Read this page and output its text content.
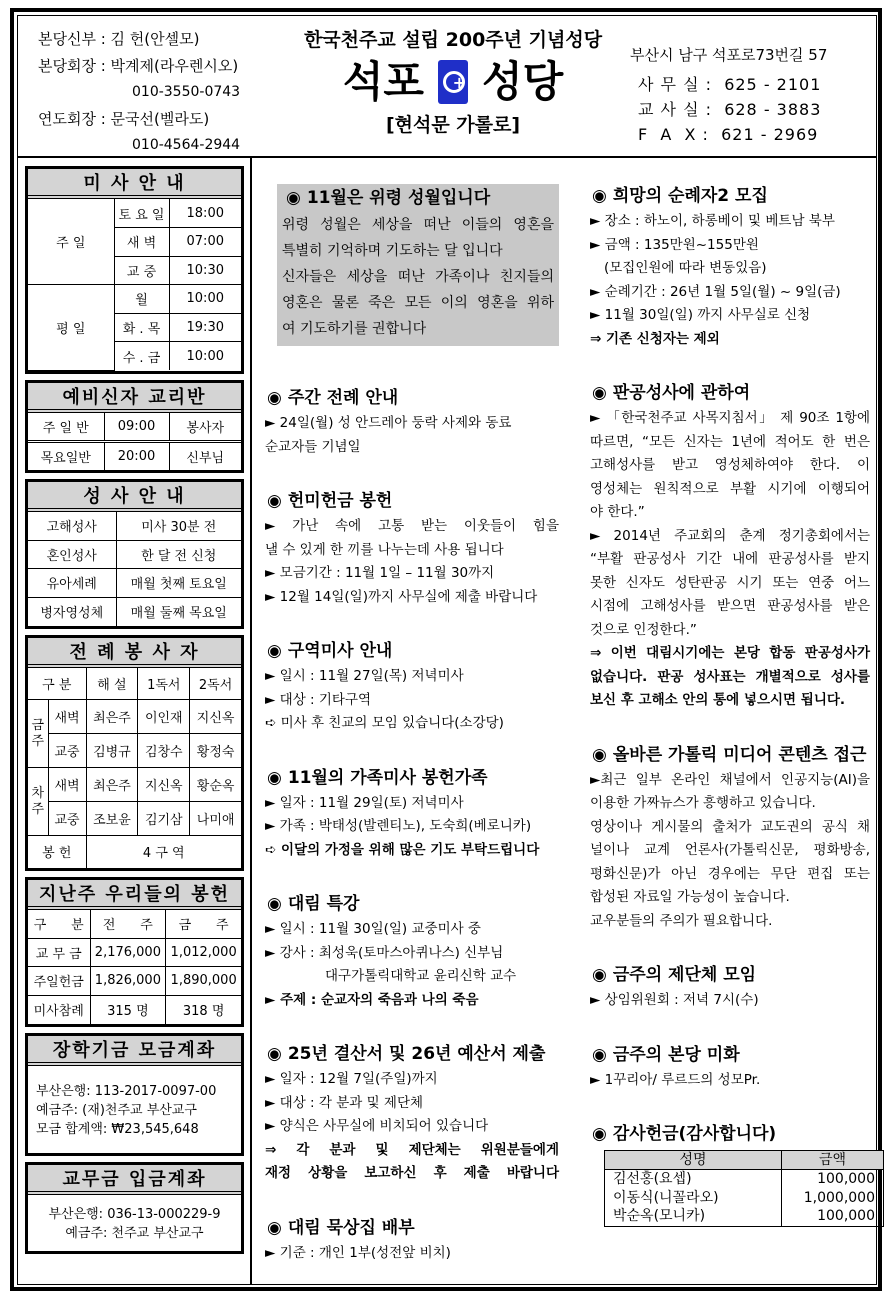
본당신부 : 김 헌(안셀모)
본당회장 : 박계제(라우렌시오)
010-3550-0743
연도회장 : 문국선(벨라도)
010-4564-2944
한국천주교 설립 200주년 기념성당
석포 + 성당
[현석문 가롤로]
부산시 남구 석포로73번길 57
사 무 실 :  625 - 2101
교 사 실 :  628 - 3883
F  A  X :  621 - 2969
미 사 안 내
주 일	토 요 일	18:00
	새 벽	07:00
	교 중	10:30
평 일	월	10:00
	화 . 목	19:30
	수 . 금	10:00
예비신자 교리반
주 일 반	09:00	봉사자
목요일반	20:00	신부님
성 사 안 내
고해성사	미사 30분 전
혼인성사	한 달 전 신청
유아세례	매월 첫째 토요일
병자영성체	매월 둘째 목요일
전 례 봉 사 자
구 분		해 설	1독서	2독서
금주	새벽	최은주	이인재	지신옥
	교중	김병규	김창수	황정숙
차주	새벽	최은주	지신옥	황순옥
	교중	조보윤	김기삼	나미애
봉 헌		4 구 역		
지난주 우리들의 봉헌
구      분	전      주	금      주
교 무 금	2,176,000	1,012,000
주일헌금	1,826,000	1,890,000
미사참례	315 명	318 명
장학기금 모금계좌
부산은행: 113-2017-0097-00
예금주: (재)천주교 부산교구
모금 합계액: ₩23,545,648
교무금 입금계좌
부산은행: 036-13-000229-9
예금주: 천주교 부산교구
◉ 11월은 위령 성월입니다
위령 성월은 세상을 떠난 이들의 영혼을
특별히 기억하며 기도하는 달 입니다
신자들은 세상을 떠난 가족이나 친지들의
영혼은 물론 죽은 모든 이의 영혼을 위하
여 기도하기를 권합니다
◉ 주간 전례 안내
► 24일(월) 성 안드레아 둥락 사제와 동료
순교자들 기념일
◉ 헌미헌금 봉헌
► 가난 속에 고통 받는 이웃들이 힘을
낼 수 있게 한 끼를 나누는데 사용 됩니다
► 모금기간 : 11월 1일 – 11월 30까지
► 12월 14일(일)까지 사무실에 제출 바랍니다
◉ 구역미사 안내
► 일시 : 11월 27일(목) 저녁미사
► 대상 : 기타구역
➪ 미사 후 친교의 모임 있습니다(소강당)
◉ 11월의 가족미사 봉헌가족
► 일자 : 11월 29일(토) 저녁미사
► 가족 : 박태성(발렌티노), 도숙희(베로니카)
➪ 이달의 가정을 위해 많은 기도 부탁드립니다
◉ 대림 특강
► 일시 : 11월 30일(일) 교중미사 중
► 강사 : 최성욱(토마스아퀴나스) 신부님
대구가톨릭대학교 윤리신학 교수
► 주제 : 순교자의 죽음과 나의 죽음
◉ 25년 결산서 및 26년 예산서 제출
► 일자 : 12월 7일(주일)까지
► 대상 : 각 분과 및 제단체
► 양식은 사무실에 비치되어 있습니다
⇒ 각 분과 및 제단체는 위원분들에게
재정 상황을 보고하신 후 제출 바랍니다
◉ 대림 묵상집 배부
► 기준 : 개인 1부(성전앞 비치)
◉ 희망의 순례자2 모집
► 장소 : 하노이, 하롱베이 및 베트남 북부
► 금액 : 135만원~155만원
(모집인원에 따라 변동있음)
► 순례기간 : 26년 1월 5일(월) ~ 9일(금)
► 11월 30일(일) 까지 사무실로 신청
⇒ 기존 신청자는 제외
◉ 판공성사에 관하여
► 「한국천주교 사목지침서」 제 90조 1항에
따르면, “모든 신자는 1년에 적어도 한 번은
고해성사를 받고 영성체하여야 한다. 이
영성체는 원칙적으로 부활 시기에 이행되어
야 한다.”
► 2014년 주교회의 춘계 정기총회에서는
“부활 판공성사 기간 내에 판공성사를 받지
못한 신자도 성탄판공 시기 또는 연중 어느
시점에 고해성사를 받으면 판공성사를 받은
것으로 인정한다.”
⇒ 이번 대림시기에는 본당 합동 판공성사가
없습니다. 판공 성사표는 개별적으로 성사를
보신 후 고해소 안의 통에 넣으시면 됩니다.
◉ 올바른 가톨릭 미디어 콘텐츠 접근
►최근 일부 온라인 채널에서 인공지능(AI)을
이용한 가짜뉴스가 흥행하고 있습니다.
영상이나 게시물의 출처가 교도권의 공식 채
널이나 교계 언론사(가톨릭신문, 평화방송,
평화신문)가 아닌 경우에는 무단 편집 또는
합성된 자료일 가능성이 높습니다.
교우분들의 주의가 필요합니다.
◉ 금주의 제단체 모임
► 상임위원회 : 저녁 7시(수)
◉ 금주의 본당 미화
► 1꾸리아/ 루르드의 성모Pr.
◉ 감사헌금(감사합니다)
성명	금액
김선홍(요셉)	100,000
이동식(니꼴라오)	1,000,000
박순옥(모니카)	100,000
